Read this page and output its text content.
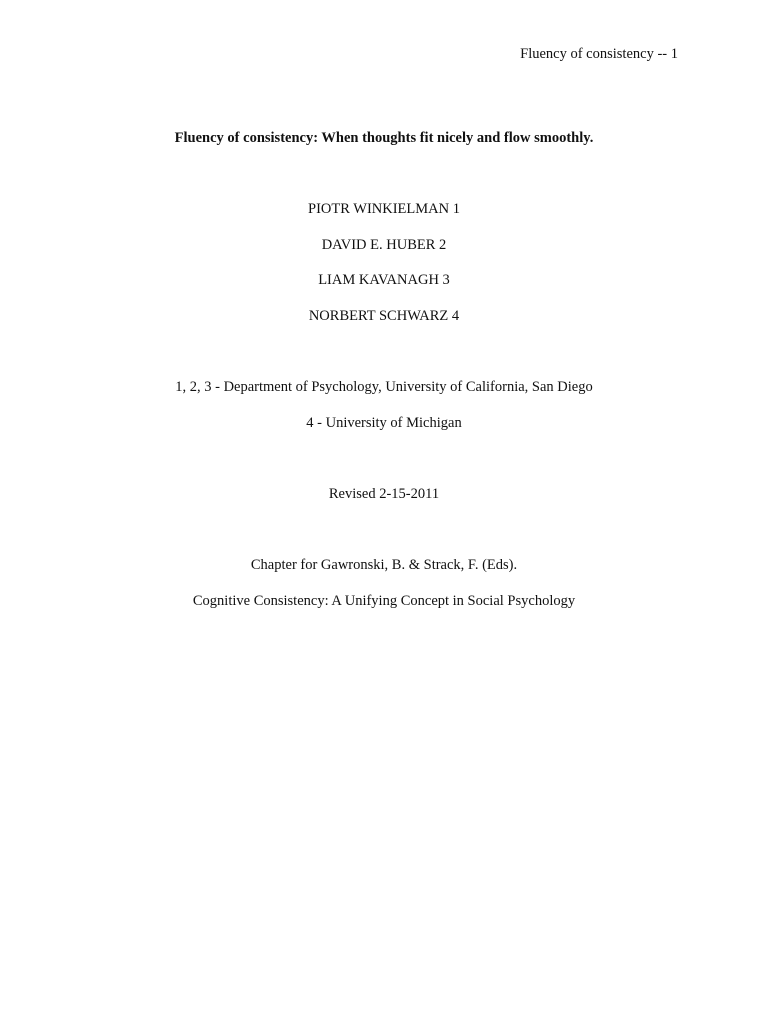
Fluency of consistency -- 1
Fluency of consistency: When thoughts fit nicely and flow smoothly.
PIOTR WINKIELMAN 1
DAVID E. HUBER 2
LIAM KAVANAGH 3
NORBERT SCHWARZ 4
1, 2, 3 - Department of Psychology, University of California, San Diego
4 - University of Michigan
Revised 2-15-2011
Chapter for Gawronski, B. & Strack, F. (Eds).
Cognitive Consistency: A Unifying Concept in Social Psychology
